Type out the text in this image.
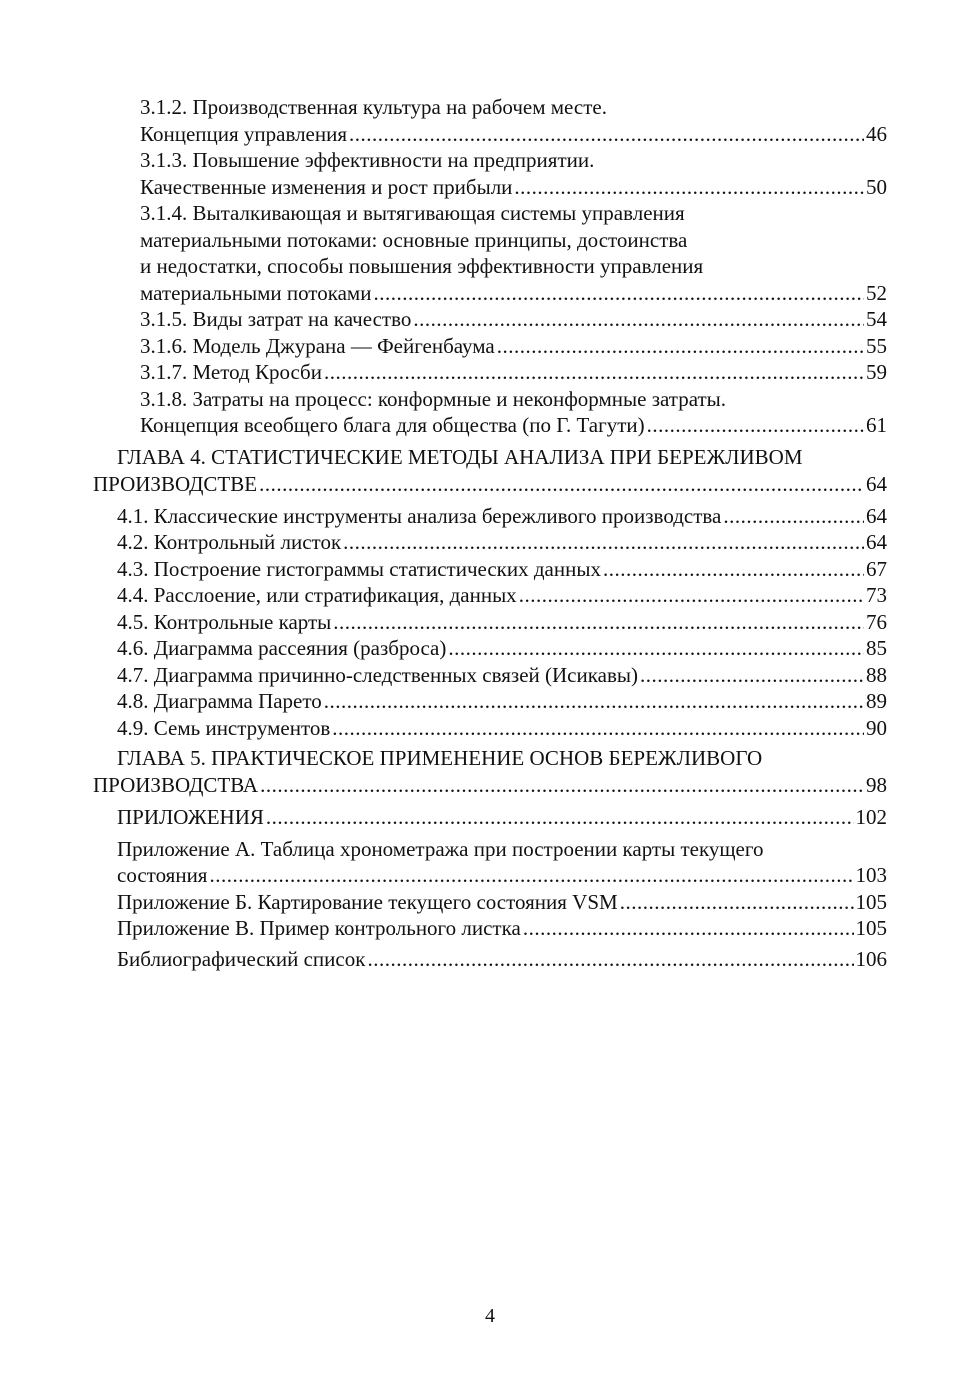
3.1.2. Производственная культура на рабочем месте.
Концепция управления .....	46
3.1.3. Повышение эффективности на предприятии.
Качественные изменения и рост прибыли .....	50
3.1.4. Выталкивающая и вытягивающая системы управления
материальными потоками: основные принципы, достоинства
и недостатки, способы повышения эффективности управления
материальными потоками .....	52
3.1.5. Виды затрат на качество .....	54
3.1.6. Модель Джурана — Фейгенбаума .....	55
3.1.7. Метод Кросби .....	59
3.1.8. Затраты на процесс: конформные и неконформные затраты.
Концепция всеобщего блага для общества (по Г. Тагути) .....	61
ГЛАВА 4. СТАТИСТИЧЕСКИЕ МЕТОДЫ АНАЛИЗА ПРИ БЕРЕЖЛИВОМ
ПРОИЗВОДСТВЕ .....	64
4.1. Классические инструменты анализа бережливого производства .....	64
4.2. Контрольный листок .....	64
4.3. Построение гистограммы статистических данных .....	67
4.4. Расслоение, или стратификация, данных .....	73
4.5. Контрольные карты .....	76
4.6. Диаграмма рассеяния (разброса) .....	85
4.7. Диаграмма причинно-следственных связей (Исикавы) .....	88
4.8. Диаграмма Парето .....	89
4.9. Семь инструментов .....	90
ГЛАВА 5. ПРАКТИЧЕСКОЕ ПРИМЕНЕНИЕ ОСНОВ БЕРЕЖЛИВОГО
ПРОИЗВОДСТВА .....	98
ПРИЛОЖЕНИЯ .....	102
Приложение А. Таблица хронометража при построении карты текущего
состояния .....	103
Приложение Б. Картирование текущего состояния VSM .....	105
Приложение В. Пример контрольного листка .....	105
Библиографический список .....	106
4
